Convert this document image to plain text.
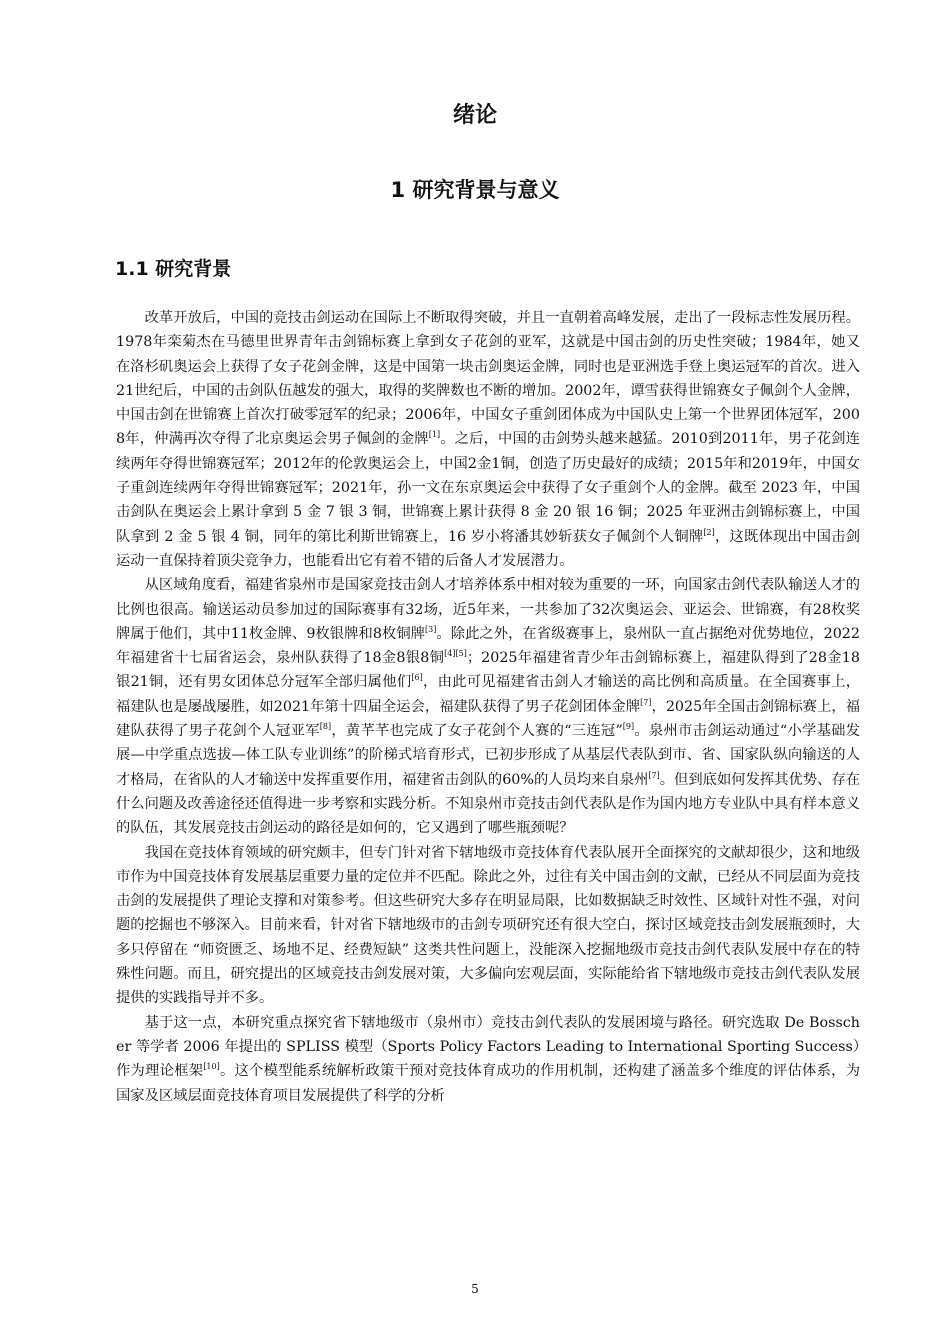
绪论
1 研究背景与意义
1.1 研究背景

改革开放后，中国的竞技击剑运动在国际上不断取得突破，并且一直朝着高峰发展，走出了一段标志性发展历程。1978年栾菊杰在马德里世界青年击剑锦标赛上拿到女子花剑的亚军，这就是中国击剑的历史性突破；1984年，她又在洛杉矶奥运会上获得了女子花剑金牌，这是中国第一块击剑奥运金牌，同时也是亚洲选手登上奥运冠军的首次。进入21世纪后，中国的击剑队伍越发的强大，取得的奖牌数也不断的增加。2002年，谭雪获得世锦赛女子佩剑个人金牌，中国击剑在世锦赛上首次打破零冠军的纪录；2006年，中国女子重剑团体成为中国队史上第一个世界团体冠军，2008年，仲满再次夺得了北京奥运会男子佩剑的金牌[1]。之后，中国的击剑势头越来越猛。2010到2011年，男子花剑连续两年夺得世锦赛冠军；2012年的伦敦奥运会上，中国2金1铜，创造了历史最好的成绩；2015年和2019年，中国女子重剑连续两年夺得世锦赛冠军；2021年，孙一文在东京奥运会中获得了女子重剑个人的金牌。截至 2023 年，中国击剑队在奥运会上累计拿到 5 金 7 银 3 铜，世锦赛上累计获得 8 金 20 银 16 铜；2025 年亚洲击剑锦标赛上，中国队拿到 2 金 5 银 4 铜，同年的第比利斯世锦赛上，16 岁小将潘其妙斩获女子佩剑个人铜牌[2]，这既体现出中国击剑运动一直保持着顶尖竞争力，也能看出它有着不错的后备人才发展潜力。

从区域角度看，福建省泉州市是国家竞技击剑人才培养体系中相对较为重要的一环，向国家击剑代表队输送人才的比例也很高。输送运动员参加过的国际赛事有32场，近5年来，一共参加了32次奥运会、亚运会、世锦赛，有28枚奖牌属于他们，其中11枚金牌、9枚银牌和8枚铜牌[3]。除此之外，在省级赛事上，泉州队一直占据绝对优势地位，2022年福建省十七届省运会，泉州队获得了18金8银8铜[4][5]；2025年福建省青少年击剑锦标赛上，福建队得到了28金18银21铜，还有男女团体总分冠军全部归属他们[6]，由此可见福建省击剑人才输送的高比例和高质量。在全国赛事上，福建队也是屡战屡胜，如2021年第十四届全运会，福建队获得了男子花剑团体金牌[7]，2025年全国击剑锦标赛上，福建队获得了男子花剑个人冠亚军[8]，黄芊芊也完成了女子花剑个人赛的“三连冠”[9]。泉州市击剑运动通过“小学基础发展—中学重点选拔—体工队专业训练”的阶梯式培育形式，已初步形成了从基层代表队到市、省、国家队纵向输送的人才格局，在省队的人才输送中发挥重要作用，福建省击剑队的60%的人员均来自泉州[7]。但到底如何发挥其优势、存在什么问题及改善途径还值得进一步考察和实践分析。不知泉州市竞技击剑代表队是作为国内地方专业队中具有样本意义的队伍，其发展竞技击剑运动的路径是如何的，它又遇到了哪些瓶颈呢？

我国在竞技体育领域的研究颇丰，但专门针对省下辖地级市竞技体育代表队展开全面探究的文献却很少，这和地级市作为中国竞技体育发展基层重要力量的定位并不匹配。除此之外，过往有关中国击剑的文献，已经从不同层面为竞技击剑的发展提供了理论支撑和对策参考。但这些研究大多存在明显局限，比如数据缺乏时效性、区域针对性不强，对问题的挖掘也不够深入。目前来看，针对省下辖地级市的击剑专项研究还有很大空白，探讨区域竞技击剑发展瓶颈时，大多只停留在 “师资匮乏、场地不足、经费短缺” 这类共性问题上，没能深入挖掘地级市竞技击剑代表队发展中存在的特殊性问题。而且，研究提出的区域竞技击剑发展对策，大多偏向宏观层面，实际能给省下辖地级市竞技击剑代表队发展提供的实践指导并不多。

基于这一点，本研究重点探究省下辖地级市（泉州市）竞技击剑代表队的发展困境与路径。研究选取 De Bosscher 等学者 2006 年提出的 SPLISS 模型（Sports Policy Factors Leading to International Sporting Success）作为理论框架[10]。这个模型能系统解析政策干预对竞技体育成功的作用机制，还构建了涵盖多个维度的评估体系，为国家及区域层面竞技体育项目发展提供了科学的分析

5
